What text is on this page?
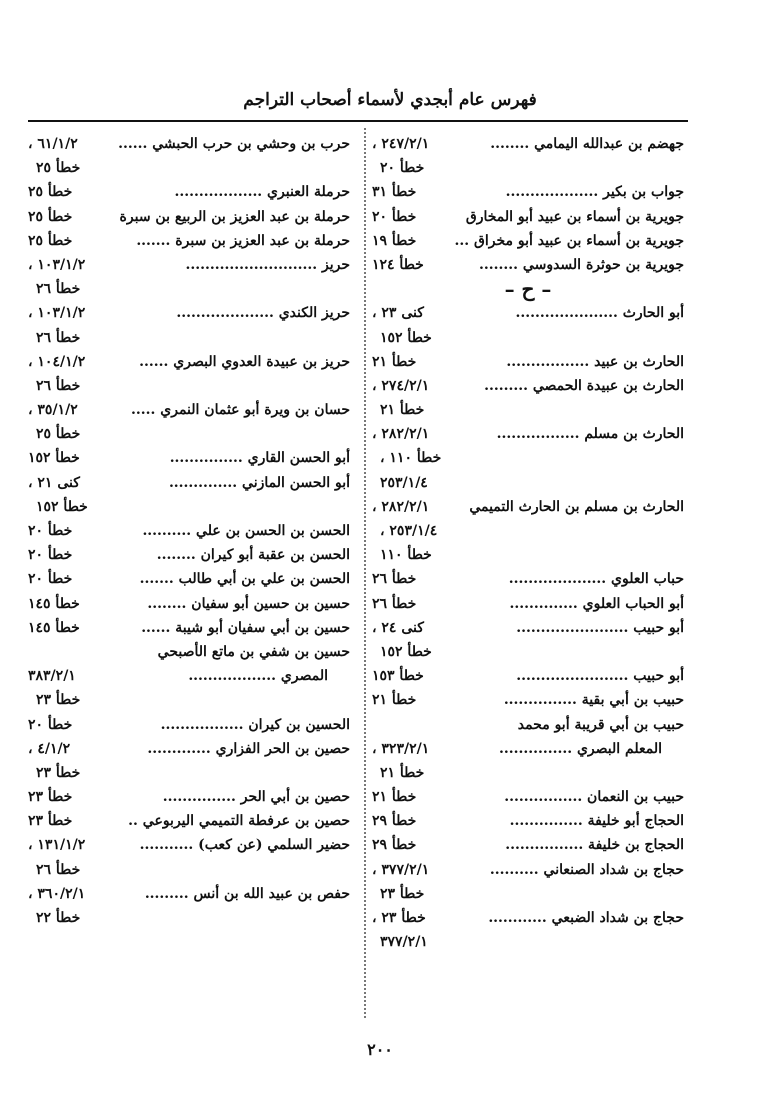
فهرس عام أبجدي لأسماء أصحاب التراجم
جهضم بن عبدالله اليمامي ........
٢٤٧/٢/١ ،
خطأ ٢٠
جواب بن بكير ...................
خطأ ٣١
جويرية بن أسماء بن عبيد أبو المخارق
خطأ ٢٠
جويرية بن أسماء بن عبيد أبو مخراق ...
خطأ ١٩
جويرية بن حوثرة السدوسي ........
خطأ ١٢٤
– ح –
أبو الحارث .....................
كنى ٢٣ ،
خطأ ١٥٢
الحارث بن عبيد .................
خطأ ٢١
الحارث بن عبيدة الحمصي .........
٢٧٤/٢/١ ،
خطأ ٢١
الحارث بن مسلم .................
٢٨٢/٢/١ ،
خطأ ١١٠ ،
٢٥٣/١/٤
الحارث بن مسلم بن الحارث التميمي
٢٨٢/٢/١ ،
٢٥٣/١/٤ ،
خطأ ١١٠
حباب العلوي ....................
خطأ ٢٦
أبو الحباب العلوي ..............
خطأ ٢٦
أبو حبيب .......................
كنى ٢٤ ،
خطأ ١٥٢
أبو حبيب .......................
خطأ ١٥٣
حبيب بن أبي بقية ...............
خطأ ٢١
حبيب بن أبي قريبة أبو محمد
المعلم البصري ...............
٣٢٣/٢/١ ،
خطأ ٢١
حبيب بن النعمان ................
خطأ ٢١
الحجاج أبو خليفة ...............
خطأ ٢٩
الحجاج بن خليفة ................
خطأ ٢٩
حجاج بن شداد الصنعاني ..........
٣٧٧/٢/١ ،
خطأ ٢٣
حجاج بن شداد الضبعي ............
خطأ ٢٣ ،
٣٧٧/٢/١
حرب بن وحشي بن حرب الحبشي ......
٦١/١/٢ ،
خطأ ٢٥
حرملة العنبري ..................
خطأ ٢٥
حرملة بن عبد العزيز بن الربيع بن سبرة
خطأ ٢٥
حرملة بن عبد العزيز بن سبرة .......
خطأ ٢٥
حريز ...........................
١٠٣/١/٢ ،
خطأ ٢٦
حريز الكندي ....................
١٠٣/١/٢ ،
خطأ ٢٦
حريز بن عبيدة العدوي البصري ......
١٠٤/١/٢ ،
خطأ ٢٦
حسان بن ويرة أبو عثمان النمري .....
٣٥/١/٢ ،
خطأ ٢٥
أبو الحسن القاري ...............
خطأ ١٥٢
أبو الحسن المازني ..............
كنى ٢١ ،
خطأ ١٥٢
الحسن بن الحسن بن علي ..........
خطأ ٢٠
الحسن بن عقبة أبو كيران ........
خطأ ٢٠
الحسن بن علي بن أبي طالب .......
خطأ ٢٠
حسين بن حسين أبو سفيان ........
خطأ ١٤٥
حسين بن أبي سفيان أبو شيبة ......
خطأ ١٤٥
حسين بن شفي بن ماتع الأصبحي
المصري ..................
٣٨٣/٢/١
خطأ ٢٣
الحسين بن كيران .................
خطأ ٢٠
حصين بن الحر الفزاري .............
٤/١/٢ ،
خطأ ٢٣
حصين بن أبي الحر ...............
خطأ ٢٣
حصين بن عرفطة التميمي اليربوعي ..
خطأ ٢٣
حضير السلمي (عن كعب) ...........
١٣١/١/٢ ،
خطأ ٢٦
حفص بن عبيد الله بن أنس .........
٣٦٠/٢/١ ،
خطأ ٢٢
٢٠٠
